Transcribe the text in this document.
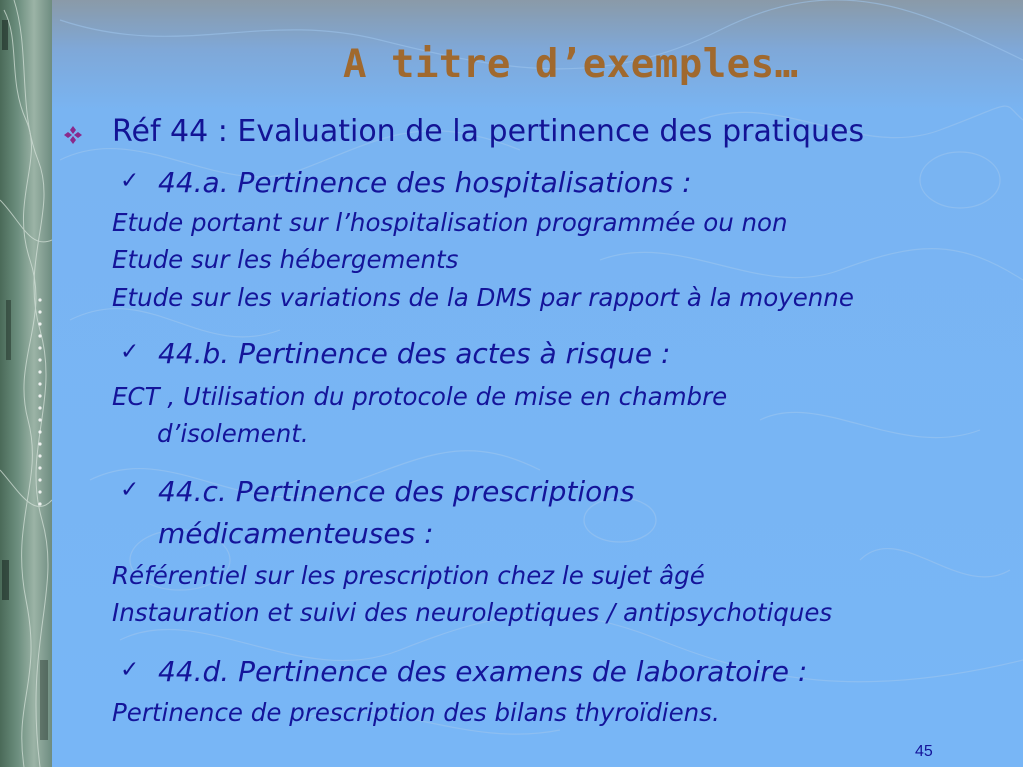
A titre d’exemples…
Réf 44 : Evaluation de la pertinence des pratiques
✓ 44.a. Pertinence des hospitalisations :
Etude portant sur l’hospitalisation programmée ou non
Etude sur les hébergements
Etude sur les variations de la DMS par rapport à la moyenne
✓ 44.b. Pertinence des actes à risque :
ECT , Utilisation du protocole de mise en chambre
d’isolement.
✓ 44.c. Pertinence des prescriptions
médicamenteuses :
Référentiel sur les prescription chez le sujet âgé
Instauration et suivi des neuroleptiques / antipsychotiques
✓ 44.d. Pertinence des examens de laboratoire :
Pertinence de prescription des bilans thyroïdiens.
45
